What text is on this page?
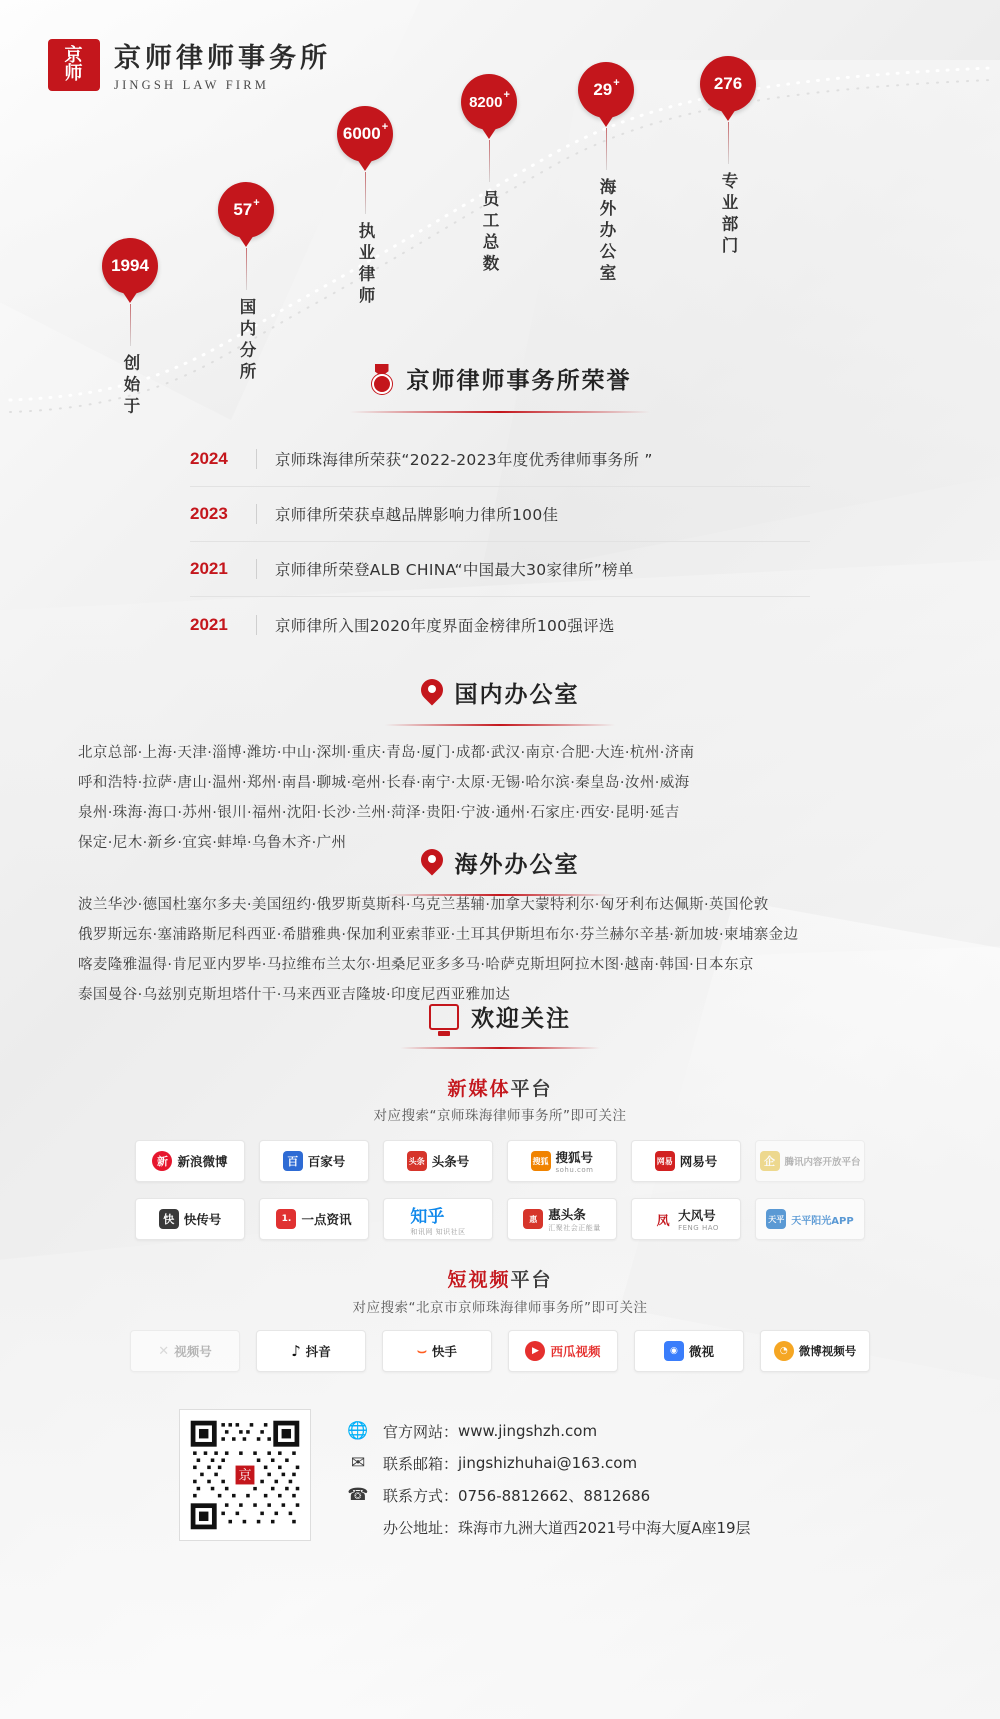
京
师 京师律师事务所
JINGSH LAW FIRM
1994
创始于
57+
国内分所
6000+
执业律师
8200+
员工总数
29+
海外办公室
276
专业部门
京师律师事务所荣誉
2024	京师珠海律所荣获“2022-2023年度优秀律师事务所 ”
2023	京师律所荣获卓越品牌影响力律所100佳
2021	京师律所荣登ALB CHINA“中国最大30家律所”榜单
2021	京师律所入围2020年度界面金榜律所100强评选
国内办公室
北京总部·上海·天津·淄博·潍坊·中山·深圳·重庆·青岛·厦门·成都·武汉·南京·合肥·大连·杭州·济南
呼和浩特·拉萨·唐山·温州·郑州·南昌·聊城·亳州·长春·南宁·太原·无锡·哈尔滨·秦皇岛·汝州·威海
泉州·珠海·海口·苏州·银川·福州·沈阳·长沙·兰州·菏泽·贵阳·宁波·通州·石家庄·西安·昆明·延吉
保定·尼木·新乡·宜宾·蚌埠·乌鲁木齐·广州
海外办公室
波兰华沙·德国杜塞尔多夫·美国纽约·俄罗斯莫斯科·乌克兰基辅·加拿大蒙特利尔·匈牙利布达佩斯·英国伦敦
俄罗斯远东·塞浦路斯尼科西亚·希腊雅典·保加利亚索菲亚·土耳其伊斯坦布尔·芬兰赫尔辛基·新加坡·柬埔寨金边
喀麦隆雅温得·肯尼亚内罗毕·马拉维布兰太尔·坦桑尼亚多多马·哈萨克斯坦阿拉木图·越南·韩国·日本东京
泰国曼谷·乌兹别克斯坦塔什干·马来西亚吉隆坡·印度尼西亚雅加达
欢迎关注
新媒体平台
对应搜索“京师珠海律师事务所”即可关注
新 新浪微博	百 百家号	头条 头条号	搜狐 搜狐号
sohu.com
网易 网易号	企	腾讯内容开放平台
快 快传号	1. 一点资讯	知乎
和讯网 知识社区
惠 惠头条
汇聚社会正能量	凤 大风号
FENG HAO
天平 天平阳光APP
短视频平台
对应搜索“北京市京师珠海律师事务所”即可关注
✕ 视频号	♪ 抖音	⌣ 快手	▶ 西瓜视频	◉ 微视	◔ 微博视频号
京
🌐 官方网站： www.jingshzh.com
✉	联系邮箱： jingshizhuhai@163.com
☎ 联系方式： 0756-8812662、8812686
办公地址： 珠海市九洲大道西2021号中海大厦A座19层
